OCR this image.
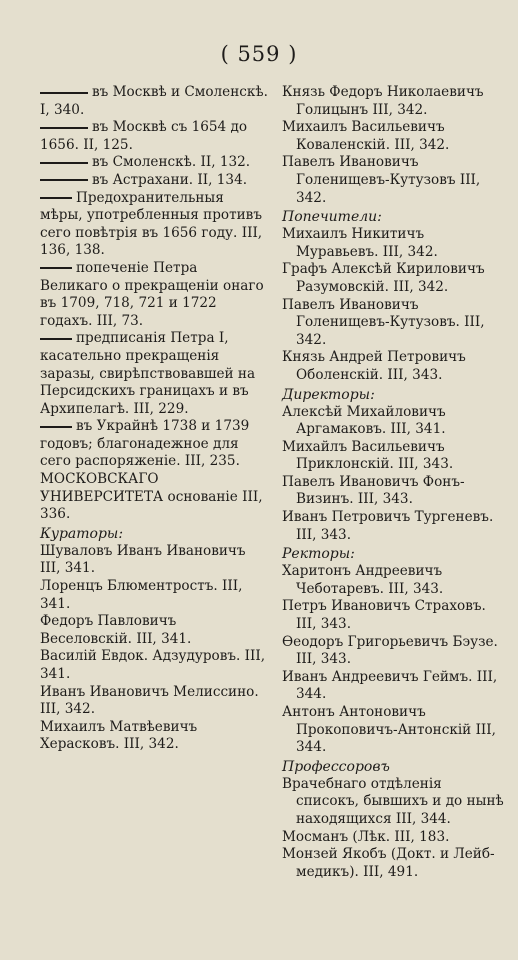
( 559 )
въ Москвѣ и Смоленскѣ. I, 340.
въ Москвѣ съ 1654 до 1656. II, 125.
въ Смоленскѣ. II, 132.
въ Астрахани. II, 134.
Предохранительныя мѣры, употребленныя противъ сего повѣтрія въ 1656 году. III, 136, 138.
попеченіе Петра Великаго о прекращеніи онаго въ 1709, 718, 721 и 1722 годахъ. III, 73.
предписанія Петра I, касательно прекращенія заразы, свирѣпствовавшей на Персидскихъ границахъ и въ Архипелагѣ. III, 229.
въ Украйнѣ 1738 и 1739 годовъ; благонадежное для сего распоряженіе. III, 235.
МОСКОВСКАГО УНИВЕРСИТЕТА основаніе III, 336.
Кураторы:
Шуваловъ Иванъ Ивановичъ III, 341.
Лоренцъ Блюментростъ. III, 341.
Федоръ Павловичъ Веселовскій. III, 341.
Василій Евдок. Адзудуровъ. III, 341.
Иванъ Ивановичъ Мелиссино. III, 342.
Михаилъ Матвѣевичъ Херасковъ. III, 342.
Князь Федоръ Николаевичъ Голицынъ III, 342.
Михаилъ Васильевичъ Коваленскій. III, 342.
Павелъ Ивановичъ Голенищевъ-Кутузовъ III, 342.
Попечители:
Михаилъ Никитичъ Муравьевъ. III, 342.
Графъ Алексѣй Кириловичъ Разумовскій. III, 342.
Павелъ Ивановичъ Голенищевъ-Кутузовъ. III, 342.
Князь Андрей Петровичъ Оболенскій. III, 343.
Директоры:
Алексѣй Михайловичъ Аргамаковъ. III, 341.
Михайлъ Васильевичъ Приклонскій. III, 343.
Павелъ Ивановичъ Фонъ-Визинъ. III, 343.
Иванъ Петровичъ Тургеневъ. III, 343.
Ректоры:
Харитонъ Андреевичъ Чеботаревъ. III, 343.
Петръ Ивановичъ Страховъ. III, 343.
Ѳеодоръ Григорьевичъ Бэузе. III, 343.
Иванъ Андреевичъ Геймъ. III, 344.
Антонъ Антоновичъ Прокоповичъ-Антонскій III, 344.
Профессоровъ
Врачебнаго отдѣленія списокъ, бывшихъ и до нынѣ находящихся III, 344.
Мосманъ (Лѣк. III, 183.
Монзей Якобъ (Докт. и Лейб-медикъ). III, 491.
